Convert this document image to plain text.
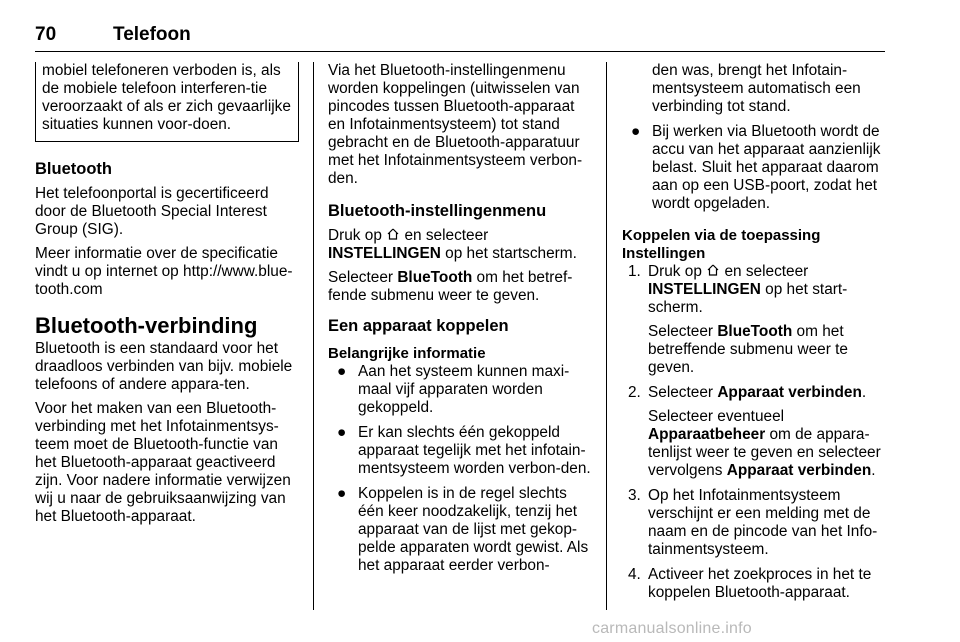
70	Telefoon
mobiel telefoneren verboden is, als de mobiele telefoon interferen-tie veroorzaakt of als er zich gevaarlijke situaties kunnen voor-doen.
Bluetooth

Het telefoonportal is gecertificeerd door de Bluetooth Special Interest Group (SIG).

Meer informatie over de specificatie vindt u op internet op http://www.blue-tooth.com

Bluetooth-verbinding

Bluetooth is een standaard voor het draadloos verbinden van bijv. mobiele telefoons of andere appara-ten.

Voor het maken van een Bluetooth-verbinding met het Infotainmentsys-teem moet de Bluetooth-functie van het Bluetooth-apparaat geactiveerd zijn. Voor nadere informatie verwijzen wij u naar de gebruiksaanwijzing van het Bluetooth-apparaat.

Via het Bluetooth-instellingenmenu worden koppelingen (uitwisselen van pincodes tussen Bluetooth-apparaat en Infotainmentsysteem) tot stand gebracht en de Bluetooth-apparatuur met het Infotainmentsysteem verbon-den.

Bluetooth-instellingenmenu

Druk op en selecteer
INSTELLINGEN op het startscherm.

Selecteer BlueTooth om het betref-fende submenu weer te geven.

Een apparaat koppelen
Belangrijke informatie
● Aan het systeem kunnen maxi-maal vijf apparaten worden gekoppeld.
● Er kan slechts één gekoppeld apparaat tegelijk met het infotain-mentsysteem worden verbon-den.
● Koppelen is in de regel slechts één keer noodzakelijk, tenzij het apparaat van de lijst met gekop-pelde apparaten wordt gewist. Als het apparaat eerder verbon-
den was, brengt het Infotain-mentsysteem automatisch een verbinding tot stand.
● Bij werken via Bluetooth wordt de accu van het apparaat aanzienlijk belast. Sluit het apparaat daarom aan op een USB-poort, zodat het wordt opgeladen.
Koppelen via de toepassing Instellingen
1. Druk op en selecteer
INSTELLINGEN op het start-scherm.

Selecteer BlueTooth om het betreffende submenu weer te geven.

2. Selecteer Apparaat verbinden.

Selecteer eventueel
Apparaatbeheer om de appara-tenlijst weer te geven en selecteer vervolgens Apparaat verbinden.

3. Op het Infotainmentsysteem verschijnt er een melding met de naam en de pincode van het Info-tainmentsysteem.

4. Activeer het zoekproces in het te koppelen Bluetooth-apparaat.

carmanualsonline.info
